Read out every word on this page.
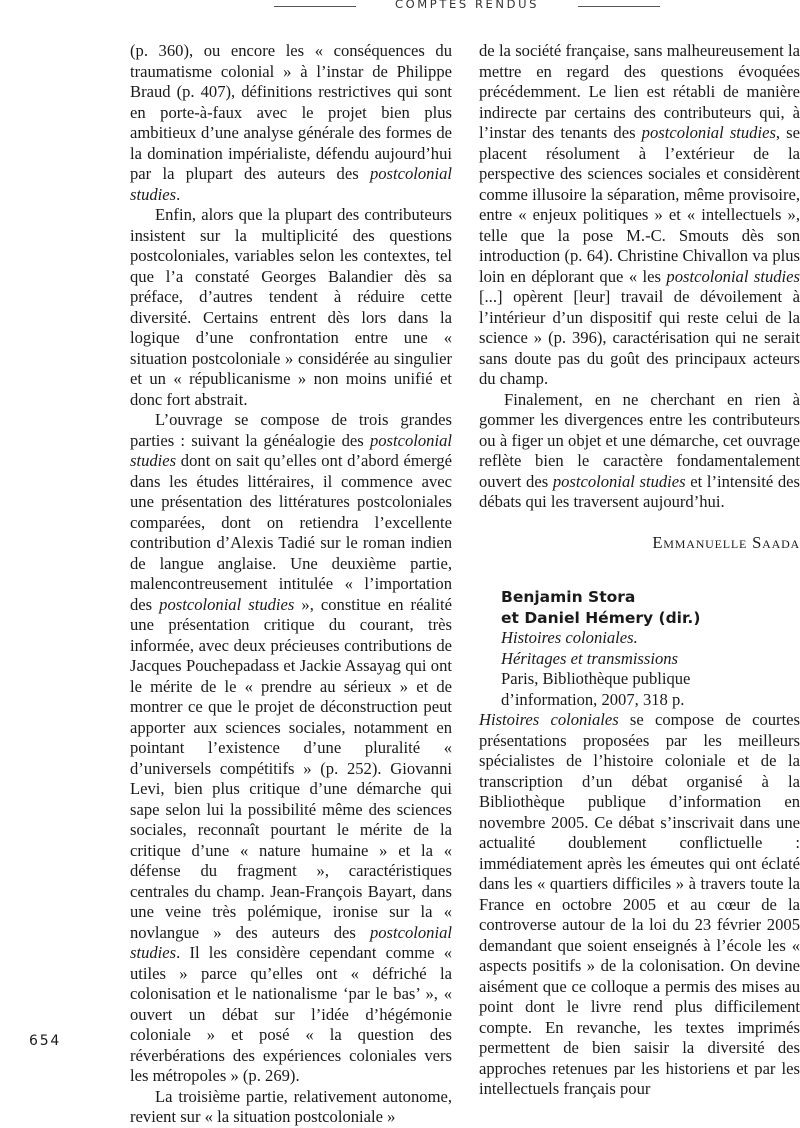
COMPTES RENDUS

(p. 360), ou encore les « conséquences du traumatisme colonial » à l’instar de Philippe Braud (p. 407), définitions restrictives qui sont en porte-à-faux avec le projet bien plus ambitieux d’une analyse générale des formes de la domination impérialiste, défendu aujourd’hui par la plupart des auteurs des postcolonial studies.

Enfin, alors que la plupart des contributeurs insistent sur la multiplicité des questions postcoloniales, variables selon les contextes, tel que l’a constaté Georges Balandier dès sa préface, d’autres tendent à réduire cette diversité. Certains entrent dès lors dans la logique d’une confrontation entre une « situation postcoloniale » considérée au singulier et un « républicanisme » non moins unifié et donc fort abstrait.

L’ouvrage se compose de trois grandes parties : suivant la généalogie des postcolonial studies dont on sait qu’elles ont d’abord émergé dans les études littéraires, il commence avec une présentation des littératures postcoloniales comparées, dont on retiendra l’excellente contribution d’Alexis Tadié sur le roman indien de langue anglaise. Une deuxième partie, malencontreusement intitulée « l’importation des postcolonial studies », constitue en réalité une présentation critique du courant, très informée, avec deux précieuses contributions de Jacques Pouchepadass et Jackie Assayag qui ont le mérite de le « prendre au sérieux » et de montrer ce que le projet de déconstruction peut apporter aux sciences sociales, notamment en pointant l’existence d’une pluralité « d’universels compétitifs » (p. 252). Giovanni Levi, bien plus critique d’une démarche qui sape selon lui la possibilité même des sciences sociales, reconnaît pourtant le mérite de la critique d’une « nature humaine » et la « défense du fragment », caractéristiques centrales du champ. Jean-François Bayart, dans une veine très polémique, ironise sur la « novlangue » des auteurs des postcolonial studies. Il les considère cependant comme « utiles » parce qu’elles ont « défriché la colonisation et le nationalisme ‘par le bas’ », « ouvert un débat sur l’idée d’hégémonie coloniale » et posé « la question des réverbérations des expériences coloniales vers les métropoles » (p. 269).

La troisième partie, relativement autonome, revient sur « la situation postcoloniale »

de la société française, sans malheureusement la mettre en regard des questions évoquées précédemment. Le lien est rétabli de manière indirecte par certains des contributeurs qui, à l’instar des tenants des postcolonial studies, se placent résolument à l’extérieur de la perspective des sciences sociales et considèrent comme illusoire la séparation, même provisoire, entre « enjeux politiques » et « intellectuels », telle que la pose M.-C. Smouts dès son introduction (p. 64). Christine Chivallon va plus loin en déplorant que « les postcolonial studies [...] opèrent [leur] travail de dévoilement à l’intérieur d’un dispositif qui reste celui de la science » (p. 396), caractérisation qui ne serait sans doute pas du goût des principaux acteurs du champ.

Finalement, en ne cherchant en rien à gommer les divergences entre les contributeurs ou à figer un objet et une démarche, cet ouvrage reflète bien le caractère fondamentalement ouvert des postcolonial studies et l’intensité des débats qui les traversent aujourd’hui.

Emmanuelle Saada

Benjamin Stora

et Daniel Hémery (dir.)

Histoires coloniales.

Héritages et transmissions

Paris, Bibliothèque publique

d’information, 2007, 318 p.

Histoires coloniales se compose de courtes présentations proposées par les meilleurs spécialistes de l’histoire coloniale et de la transcription d’un débat organisé à la Bibliothèque publique d’information en novembre 2005. Ce débat s’inscrivait dans une actualité doublement conflictuelle : immédiatement après les émeutes qui ont éclaté dans les « quartiers difficiles » à travers toute la France en octobre 2005 et au cœur de la controverse autour de la loi du 23 février 2005 demandant que soient enseignés à l’école les « aspects positifs » de la colonisation. On devine aisément que ce colloque a permis des mises au point dont le livre rend plus difficilement compte. En revanche, les textes imprimés permettent de bien saisir la diversité des approches retenues par les historiens et par les intellectuels français pour

654
